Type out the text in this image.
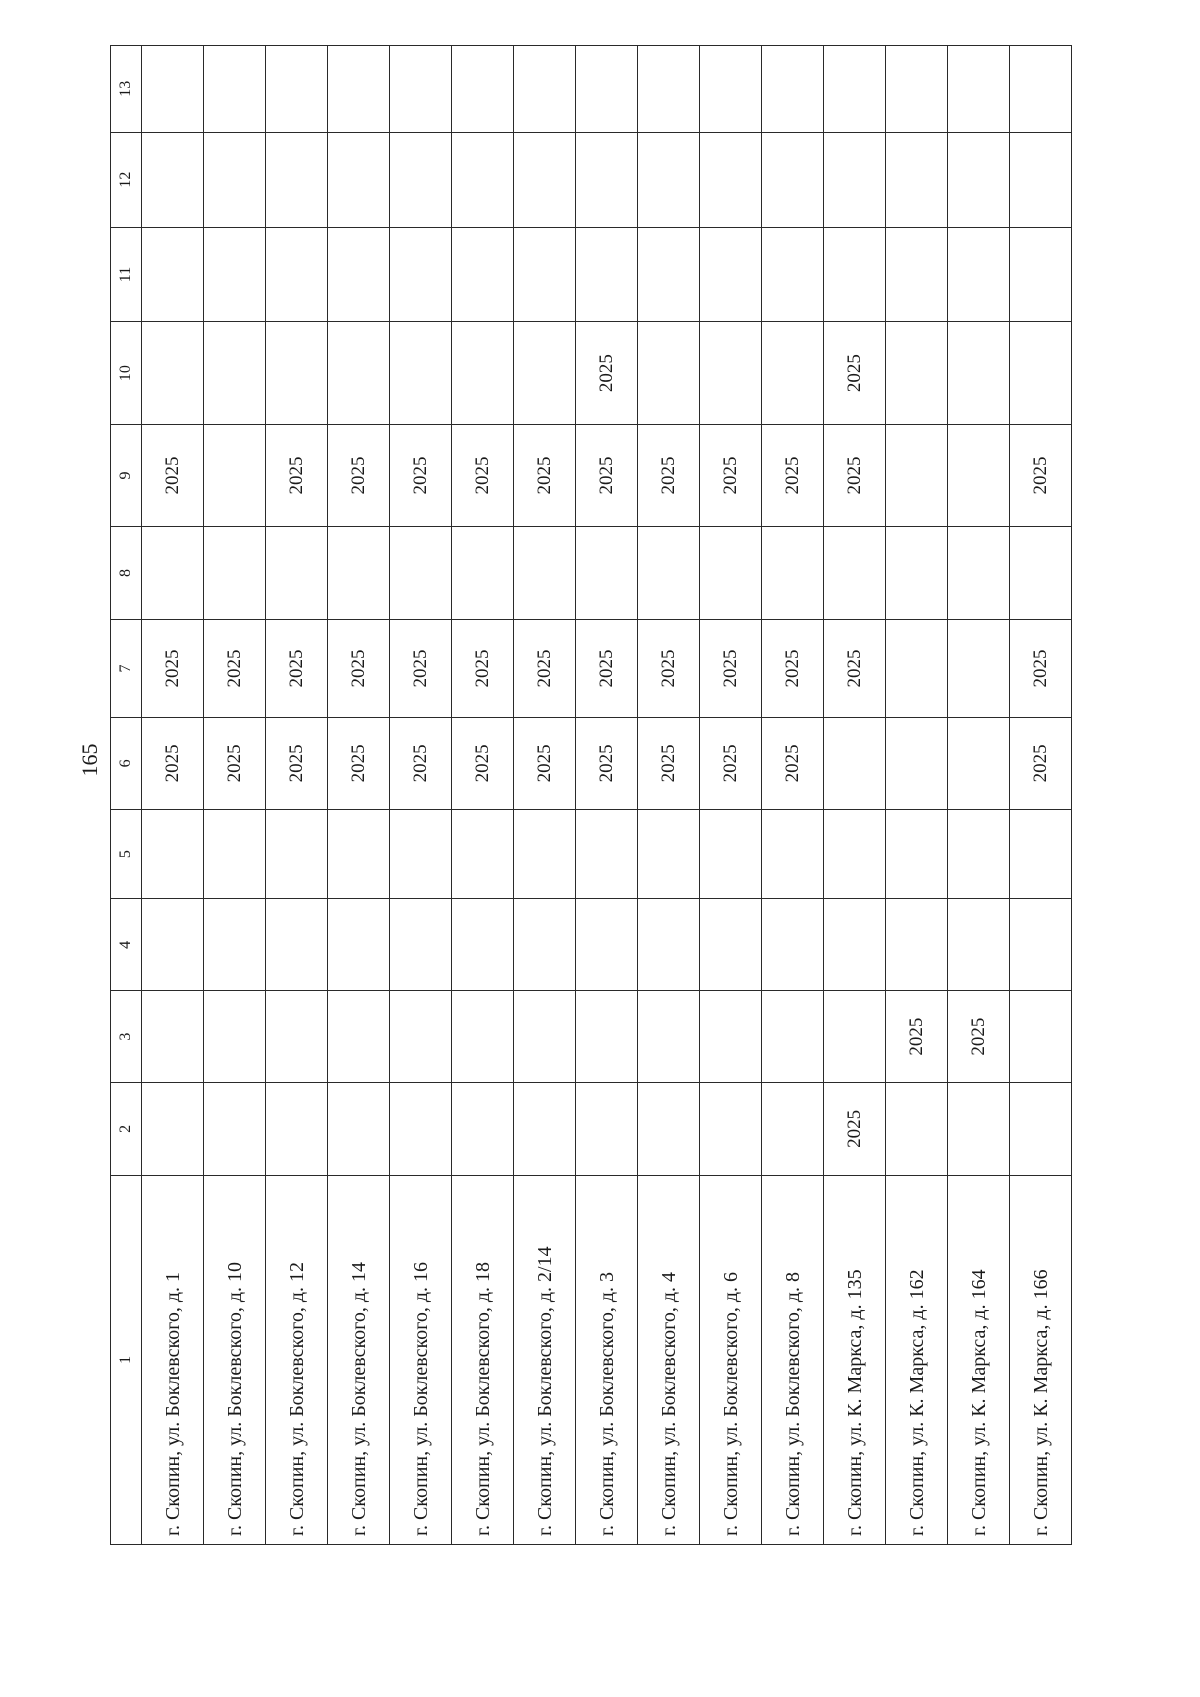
165
1	2	3	4	5	6	7	8	9	10	11	12	13
г. Скопин, ул. Боклевского, д. 1					2025	2025		2025				
г. Скопин, ул. Боклевского, д. 10					2025	2025						
г. Скопин, ул. Боклевского, д. 12					2025	2025		2025				
г. Скопин, ул. Боклевского, д. 14					2025	2025		2025				
г. Скопин, ул. Боклевского, д. 16					2025	2025		2025				
г. Скопин, ул. Боклевского, д. 18					2025	2025		2025				
г. Скопин, ул. Боклевского, д. 2/14					2025	2025		2025				
г. Скопин, ул. Боклевского, д. 3					2025	2025		2025	2025			
г. Скопин, ул. Боклевского, д. 4					2025	2025		2025				
г. Скопин, ул. Боклевского, д. 6					2025	2025		2025				
г. Скопин, ул. Боклевского, д. 8					2025	2025		2025				
г. Скопин, ул. К. Маркса, д. 135	2025					2025		2025	2025			
г. Скопин, ул. К. Маркса, д. 162		2025										
г. Скопин, ул. К. Маркса, д. 164		2025										
г. Скопин, ул. К. Маркса, д. 166					2025	2025		2025				
